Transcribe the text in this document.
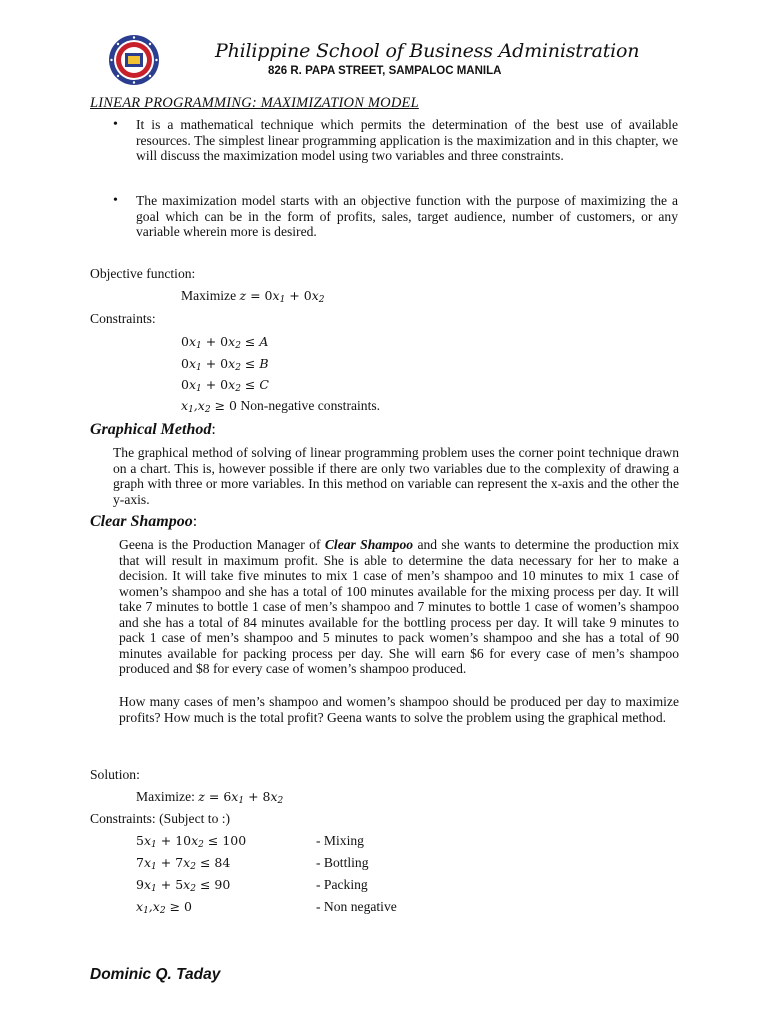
Philippine School of Business Administration
826 R. PAPA STREET, SAMPALOC MANILA
LINEAR PROGRAMMING: MAXIMIZATION MODEL
• It is a mathematical technique which permits the determination of the best use of available resources. The simplest linear programming application is the maximization and in this chapter, we will discuss the maximization model using two variables and three constraints.
• The maximization model starts with an objective function with the purpose of maximizing the a goal which can be in the form of profits, sales, target audience, number of customers, or any variable wherein more is desired.
Objective function:
Maximize $z = 0x_1 + 0x_2$
Constraints:
$0x_1 + 0x_2 \le A$
$0x_1 + 0x_2 \le B$
$0x_1 + 0x_2 \le C$
$x_1,x_2 \ge 0$ Non-negative constraints.
Graphical Method:
The graphical method of solving of linear programming problem uses the corner point technique drawn on a chart. This is, however possible if there are only two variables due to the complexity of drawing a graph with three or more variables. In this method on variable can represent the x-axis and the other the y-axis.
Clear Shampoo:
Geena is the Production Manager of Clear Shampoo and she wants to determine the production mix that will result in maximum profit. She is able to determine the data necessary for her to make a decision. It will take five minutes to mix 1 case of men’s shampoo and 10 minutes to mix 1 case of women’s shampoo and she has a total of 100 minutes available for the mixing process per day. It will take 7 minutes to bottle 1 case of men’s shampoo and 7 minutes to bottle 1 case of women’s shampoo and she has a total of 84 minutes available for the bottling process per day. It will take 9 minutes to pack 1 case of men’s shampoo and 5 minutes to pack women’s shampoo and she has a total of 90 minutes available for packing process per day. She will earn $6 for every case of men’s shampoo produced and $8 for every case of women’s shampoo produced.
How many cases of men’s shampoo and women’s shampoo should be produced per day to maximize profits? How much is the total profit? Geena wants to solve the problem using the graphical method.
Solution:
Maximize: $z = 6x_1 + 8x_2$
Constraints: (Subject to :)
$5x_1 + 10x_2 \le 100$	- Mixing
$7x_1 + 7x_2 \le 84$	- Bottling
$9x_1 + 5x_2 \le 90$	- Packing
$x_1,x_2 \ge 0$	- Non negative
Dominic Q. Taday
